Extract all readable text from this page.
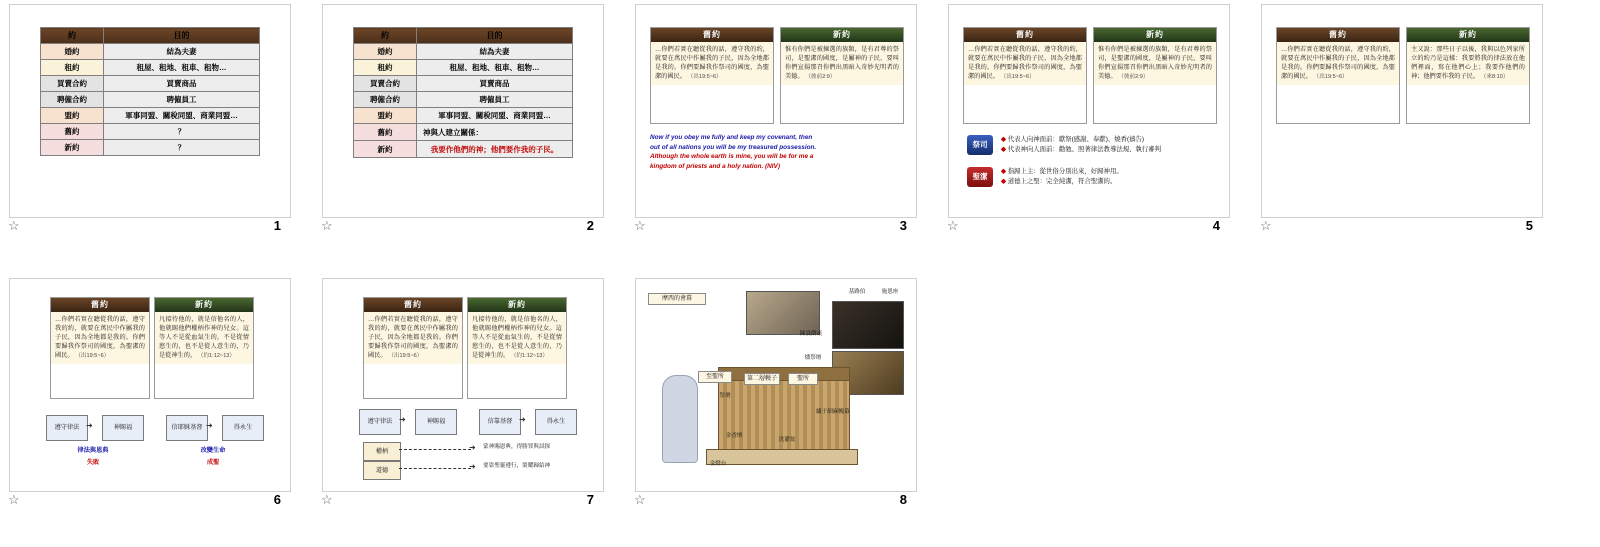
約	目的
婚約	結為夫妻
租約	租屋、租地、租車、租物…
買賣合約	買賣商品
聘僱合約	聘僱員工
盟約	軍事同盟、關稅同盟、商業同盟…
舊約	？
新約	？
☆	1
約	目的
婚約	結為夫妻
租約	租屋、租地、租車、租物…
買賣合約	買賣商品
聘僱合約	聘僱員工
盟約	軍事同盟、關稅同盟、商業同盟…
舊約	神與人建立關係：
新約	我要作他們的神；他們要作我的子民。
☆	2
舊約
…你們若實在聽從我的話，遵守我的約，就要在萬民中作屬我的子民，因為全地都是我的。你們要歸我作祭司的國度，為聖潔的國民。 （出19:5~6）
新約
惟有你們是被揀選的族類，是有君尊的祭司，是聖潔的國度，是屬神的子民，要叫你們宣揚那召你們出黑暗入奇妙光明者的美德。 （彼前2:9）
Now if you obey me fully and keep my covenant, then
out of all nations you will be my treasured possession.
Although the whole earth is mine, you will be for me a
kingdom of priests and a holy nation. (NIV)
☆	3
舊約
…你們若實在聽從我的話，遵守我的約，就要在萬民中作屬我的子民，因為全地都是我的。你們要歸我作祭司的國度，為聖潔的國民。 （出19:5~6）
新約
惟有你們是被揀選的族類，是有君尊的祭司，是聖潔的國度，是屬神的子民，要叫你們宣揚那召你們出黑暗入奇妙光明者的美德。 （彼前2:9）
祭司
◆ 代表人向神面前：獻祭(感謝、奉獻)、燒香(禱告)
◆ 代表神向人面前：勸勉、照著律法教導法規、執行審判
聖潔
◆ 指歸上主：從世俗分別出來，好歸神用。
◆ 道德上之聖：完全純潔，符合聖潔的。
☆	4
舊約
…你們若實在聽從我的話，遵守我的約，就要在萬民中作屬我的子民，因為全地都是我的。你們要歸我作祭司的國度，為聖潔的國民。 （出19:5~6）
新約
主又說：那些日子以後，我與以色列家所立的約乃是這樣：我要將我的律法放在他們裡面，寫在他們心上；我要作他們的神；他們要作我的子民。 （來8:10）
☆	5
舊約
…你們若實在聽從我的話，遵守我的約，就要在萬民中作屬我的子民，因為全地都是我的。你們要歸我作祭司的國度，為聖潔的國民。 （出19:5~6）
新約
凡接待他的，就是信他名的人，他就賜他們權柄作神的兒女。這等人不是從血氣生的，不是從情慾生的，也不是從人意生的，乃是從神生的。 （約1:12~13）
遵守律法 ➜	神賜福	信耶穌基督 ➜	得永生
律法與恩典
失敗
改變生命
成聖
☆	6
舊約
…你們若實在聽從我的話，遵守我的約，就要在萬民中作屬我的子民，因為全地都是我的。你們要歸我作祭司的國度，為聖潔的國民。 （出19:5~6）
新約
凡接待他的，就是信他名的人，他就賜他們權柄作神的兒女。這等人不是從血氣生的，不是從情慾生的，也不是從人意生的，乃是從神生的。 （約1:12~13）
遵守律法 ➜	神賜福	信靠基督 ➜	得永生
權柄
道德
➜
➜
蒙神賜恩典，得勝罪與試探
要靠聖靈遵行，榮耀歸給神
☆	7
摩西的會幕
基路伯	施恩座
陳設餅桌
燔祭壇
至聖所	第二層幔子	聖所
祭壇
金香壇
金燈台
洗濯盆
繡于細麻幔幕
☆	8
